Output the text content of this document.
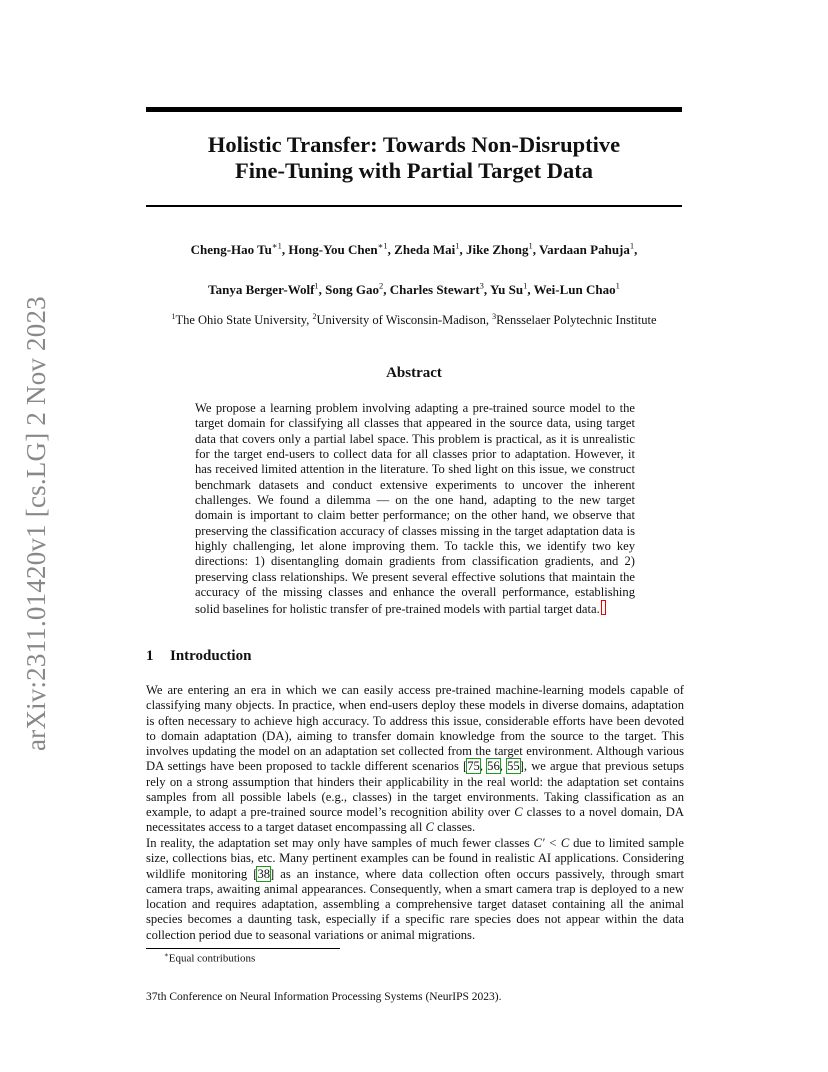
arXiv:2311.01420v1 [cs.LG] 2 Nov 2023
Holistic Transfer: Towards Non-Disruptive
Fine-Tuning with Partial Target Data
Cheng-Hao $Tu^{∗1}$, Hong-You Chen$^{∗1}$, Zheda Mai$^1$, Jike Zhong$^1$, Vardaan Pahuja$^1$,
Tanya Berger-Wolf$^1$, Song Gao$^2$, Charles Stewart$^3$, Yu Su$^1$, Wei-Lun Chao$^1$
$^1$The Ohio State University, $^2$University of Wisconsin-Madison, $^3$Rensselaer Polytechnic Institute
Abstract
We propose a learning problem involving adapting a pre-trained source model to the target domain for classifying all classes that appeared in the source data, using target data that covers only a partial label space. This problem is practical, as it is unrealistic for the target end-users to collect data for all classes prior to adaptation. However, it has received limited attention in the literature. To shed light on this issue, we construct benchmark datasets and conduct extensive experiments to uncover the inherent challenges. We found a dilemma — on the one hand, adapting to the new target domain is important to claim better performance; on the other hand, we observe that preserving the classification accuracy of classes missing in the target adaptation data is highly challenging, let alone improving them. To tackle this, we identify two key directions: 1) disentangling domain gradients from classification gradients, and 2) preserving class relationships. We present several effective solutions that maintain the accuracy of the missing classes and enhance the overall performance, establishing solid baselines for holistic transfer of pre-trained models with partial target data.
1 Introduction
We are entering an era in which we can easily access pre-trained machine-learning models capable of classifying many objects. In practice, when end-users deploy these models in diverse domains, adaptation is often necessary to achieve high accuracy. To address this issue, considerable efforts have been devoted to domain adaptation (DA), aiming to transfer domain knowledge from the source to the target. This involves updating the model on an adaptation set collected from the target environment. Although various DA settings have been proposed to tackle different scenarios [75, 56, 55], we argue that previous setups rely on a strong assumption that hinders their applicability in the real world: the adaptation set contains samples from all possible labels (e.g., classes) in the target environments. Taking classification as an example, to adapt a pre-trained source model’s recognition ability over C classes to a novel domain, DA necessitates access to a target dataset encompassing all C classes.
In reality, the adaptation set may only have samples of much fewer classes C′ < C due to limited sample size, collections bias, etc. Many pertinent examples can be found in realistic AI applications. Considering wildlife monitoring [38] as an instance, where data collection often occurs passively, through smart camera traps, awaiting animal appearances. Consequently, when a smart camera trap is deployed to a new location and requires adaptation, assembling a comprehensive target dataset containing all the animal species becomes a daunting task, especially if a specific rare species does not appear within the data collection period due to seasonal variations or animal migrations.
∗Equal contributions
37th Conference on Neural Information Processing Systems (NeurIPS 2023).
